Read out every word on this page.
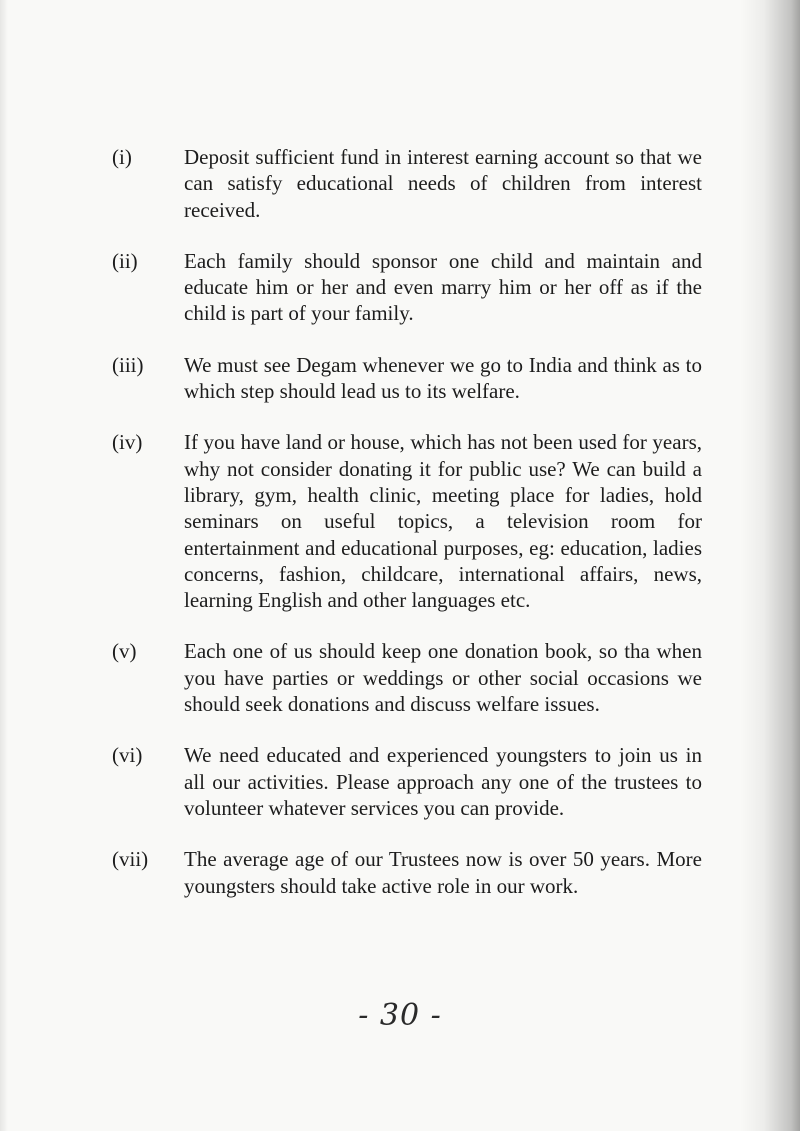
(i)	Deposit sufficient fund in interest earning account so that we can satisfy educational needs of children from interest received.
(ii)	Each family should sponsor one child and maintain and educate him or her and even marry him or her off as if the child is part of your family.
(iii)	We must see Degam whenever we go to India and think as to which step should lead us to its welfare.
(iv)	If you have land or house, which has not been used for years, why not consider donating it for public use? We can build a library, gym, health clinic, meeting place for ladies, hold seminars on useful topics, a television room for entertainment and educational purposes, eg: education, ladies concerns, fashion, childcare, international affairs, news, learning English and other languages etc.
(v)	Each one of us should keep one donation book, so tha when you have parties or weddings or other social occasions we should seek donations and discuss welfare issues.
(vi)	We need educated and experienced youngsters to join us in all our activities. Please approach any one of the trustees to volunteer whatever services you can provide.
(vii)	The average age of our Trustees now is over 50 years. More youngsters should take active role in our work.
- 30 -
